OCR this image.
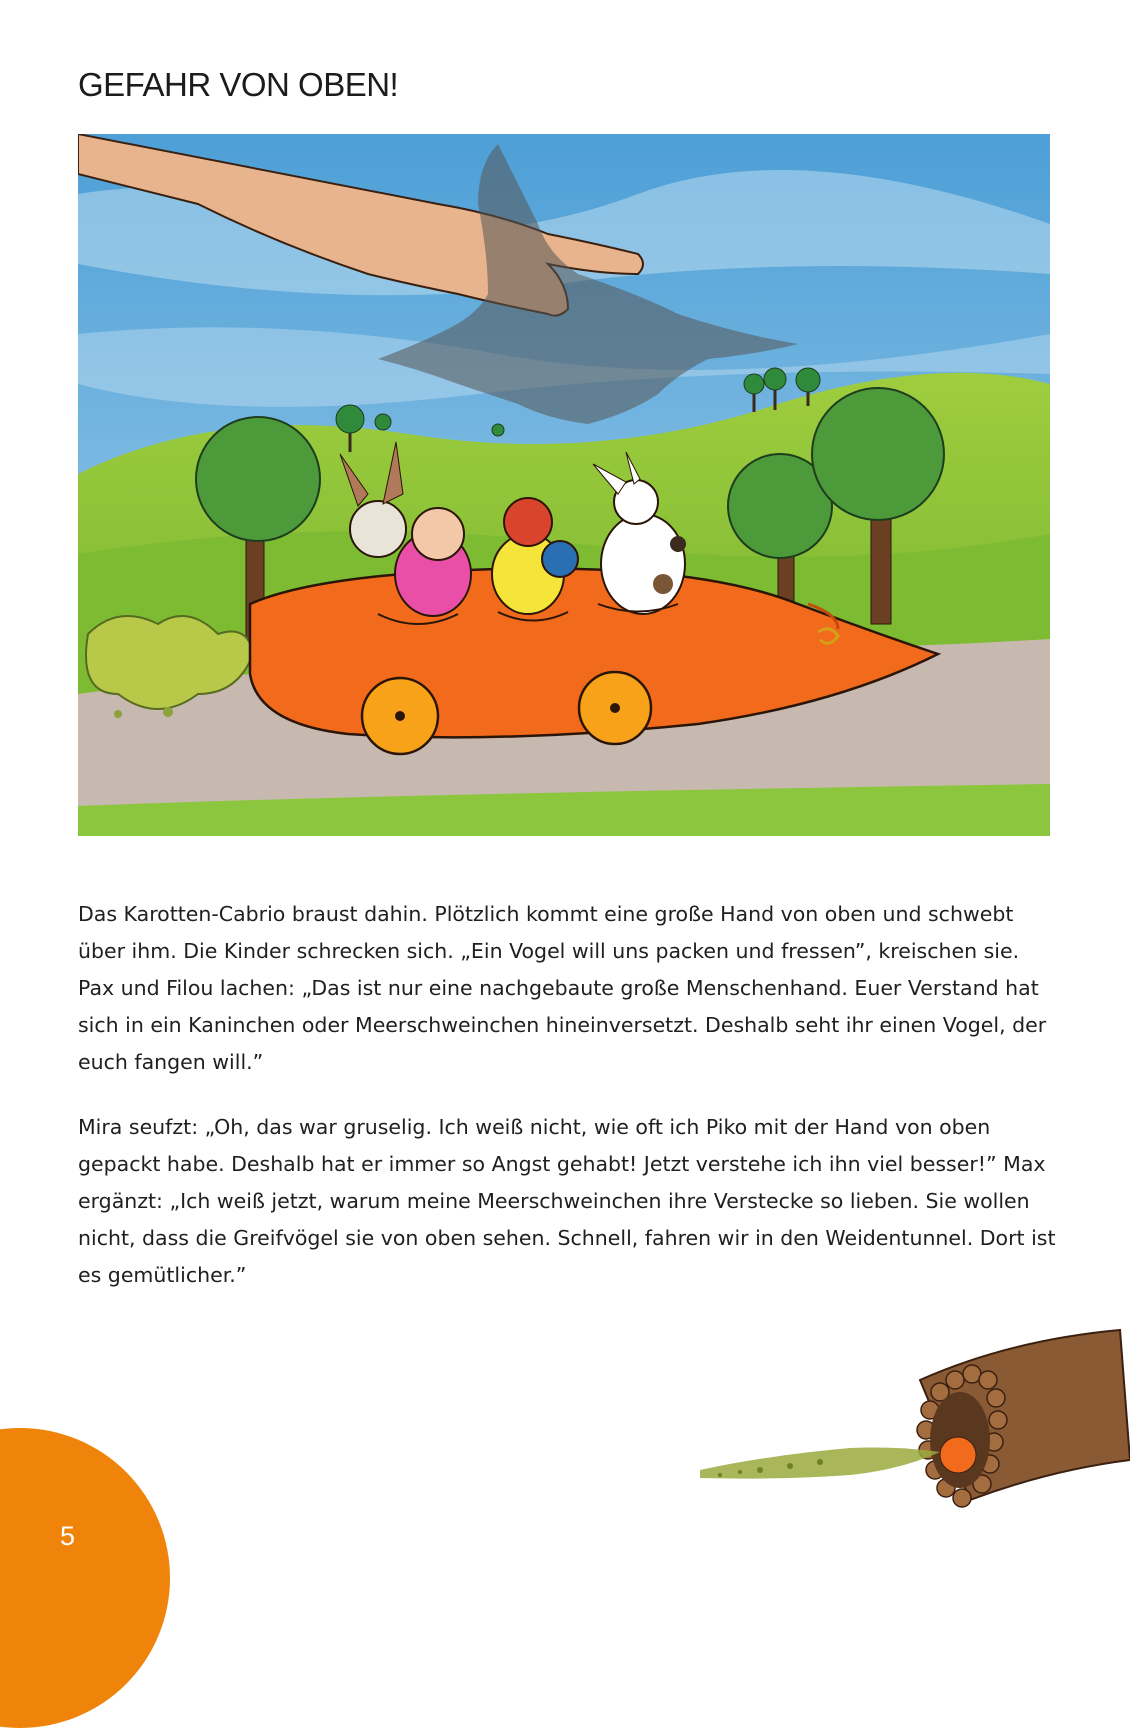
GEFAHR VON OBEN!

Das Karotten-Cabrio braust dahin. Plötzlich kommt eine große Hand von oben und schwebt über ihm. Die Kinder schrecken sich. „Ein Vogel will uns packen und fressen”, kreischen sie. Pax und Filou lachen: „Das ist nur eine nachgebaute große Menschenhand. Euer Verstand hat sich in ein Kaninchen oder Meerschweinchen hineinversetzt. Deshalb seht ihr einen Vogel, der euch fangen will.”

Mira seufzt: „Oh, das war gruselig. Ich weiß nicht, wie oft ich Piko mit der Hand von oben gepackt habe. Deshalb hat er immer so Angst gehabt! Jetzt verstehe ich ihn viel besser!” Max ergänzt: „Ich weiß jetzt, warum meine Meerschweinchen ihre Verstecke so lieben. Sie wollen nicht, dass die Greifvögel sie von oben sehen. Schnell, fahren wir in den Weidentunnel. Dort ist es gemütlicher.”

5
